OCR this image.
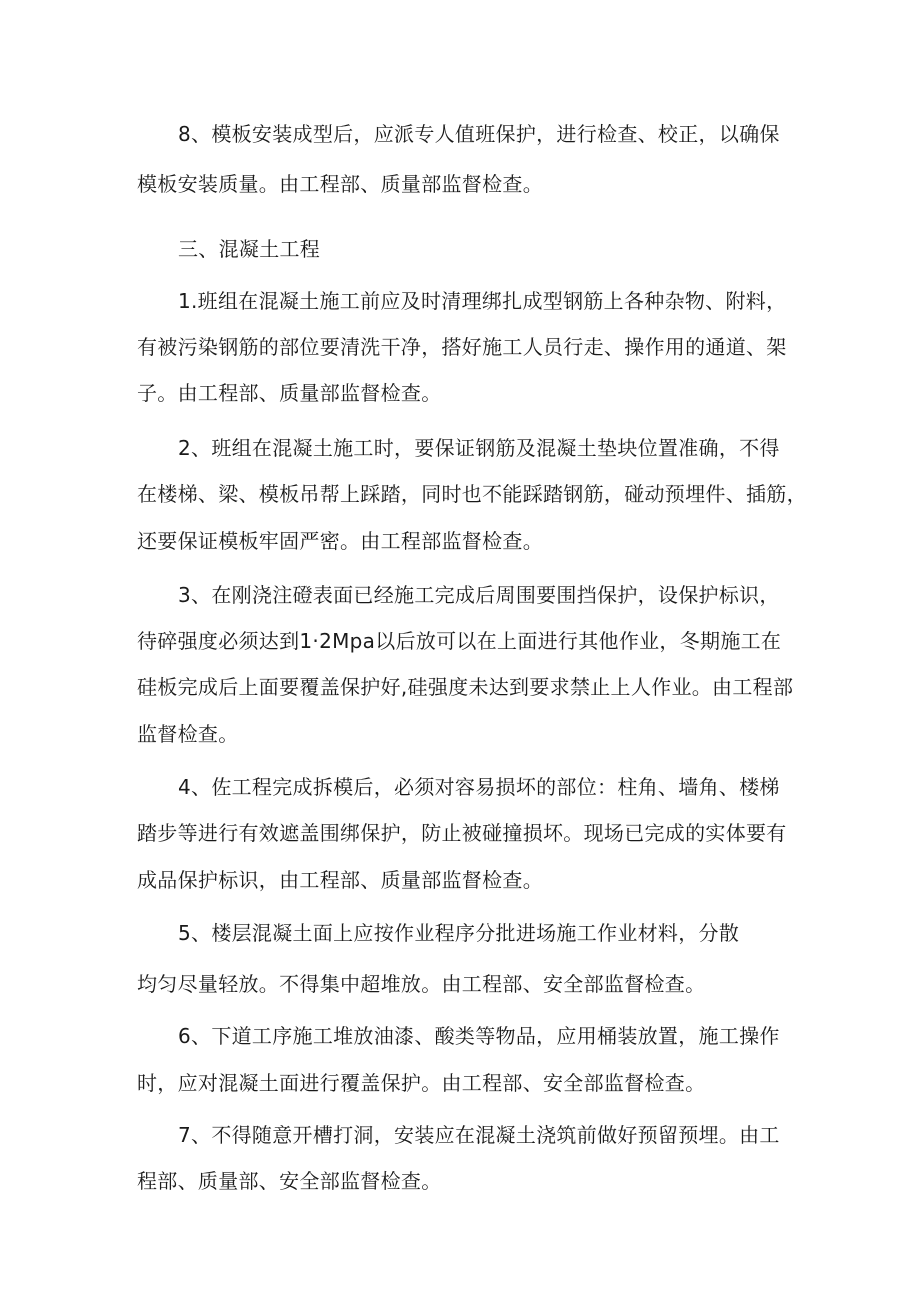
8、模板安装成型后，应派专人值班保护，进行检查、校正，以确保
模板安装质量。由工程部、质量部监督检查。
三、混凝土工程
1.班组在混凝土施工前应及时清理绑扎成型钢筋上各种杂物、附料，
有被污染钢筋的部位要清洗干净，搭好施工人员行走、操作用的通道、架
子。由工程部、质量部监督检查。
2、班组在混凝土施工时，要保证钢筋及混凝土垫块位置准确，不得
在楼梯、梁、模板吊帮上踩踏，同时也不能踩踏钢筋，碰动预埋件、插筋，
还要保证模板牢固严密。由工程部监督检查。
3、在刚浇注磴表面已经施工完成后周围要围挡保护，设保护标识，
待碎强度必须达到1·2Mpa以后放可以在上面进行其他作业，冬期施工在
硅板完成后上面要覆盖保护好,硅强度未达到要求禁止上人作业。由工程部
监督检查。
4、佐工程完成拆模后，必须对容易损坏的部位：柱角、墙角、楼梯
踏步等进行有效遮盖围绑保护，防止被碰撞损坏。现场已完成的实体要有
成品保护标识，由工程部、质量部监督检查。
5、楼层混凝土面上应按作业程序分批进场施工作业材料，分散
均匀尽量轻放。不得集中超堆放。由工程部、安全部监督检查。
6、下道工序施工堆放油漆、酸类等物品，应用桶装放置，施工操作
时，应对混凝土面进行覆盖保护。由工程部、安全部监督检查。
7、不得随意开槽打洞，安装应在混凝土浇筑前做好预留预埋。由工
程部、质量部、安全部监督检查。
